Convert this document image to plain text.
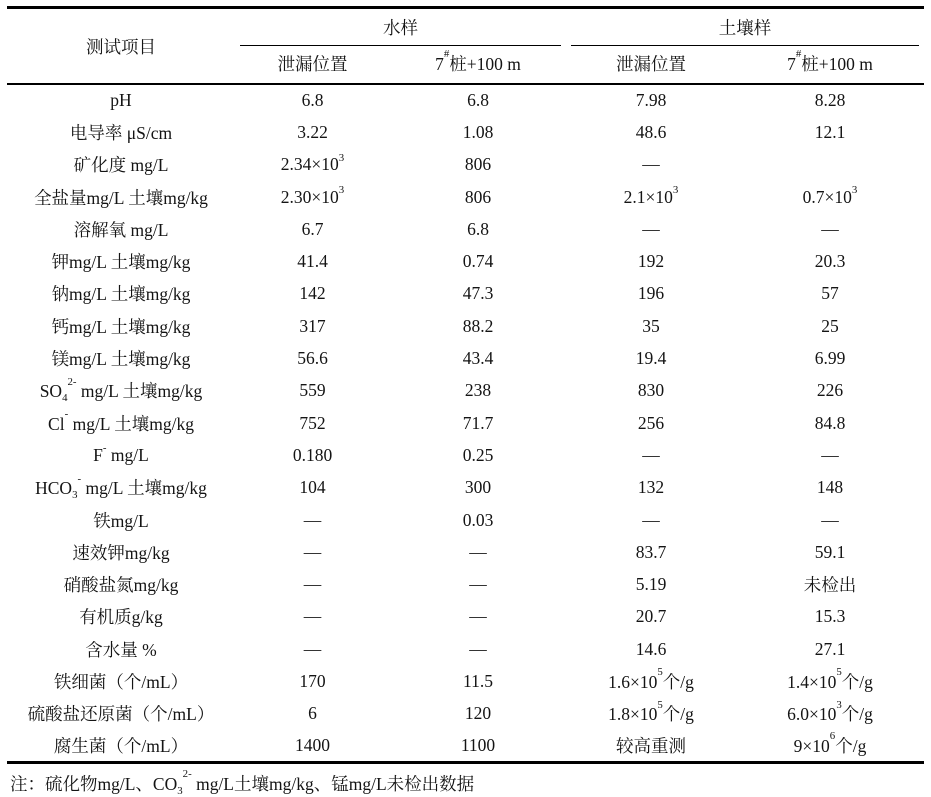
测试项目	水样		土壤样	

	泄漏位置	7#桩+100 m	泄漏位置	7#桩+100 m
pH	6.8	6.8	7.98	8.28
电导率 μS/cm	3.22	1.08	48.6	12.1
矿化度 mg/L	$2.34\times 10^3$	806	—	
全盐量mg/L 土壤mg/kg	$2.30\times 10^3$	806	$2.1\times 10^3$	$0.7\times 10^3$
溶解氧 mg/L	6.7	6.8	—	—
钾mg/L 土壤mg/kg	41.4	0.74	192	20.3
钠mg/L 土壤mg/kg	142	47.3	196	57
钙mg/L 土壤mg/kg	317	88.2	35	25
镁mg/L 土壤mg/kg	56.6	43.4	19.4	6.99
$SO_4^{2-}$ mg/L 土壤mg/kg	559	238	830	226
Cl- mg/L 土壤mg/kg	752	71.7	256	84.8
F- mg/L	0.180	0.25	—	—
$HCO_3^-$ mg/L 土壤mg/kg	104	300	132	148
铁mg/L	—	0.03	—	—
速效钾mg/kg	—	—	83.7	59.1
硝酸盐氮mg/kg	—	—	5.19	未检出
有机质g/kg	—	—	20.7	15.3
含水量 %	—	—	14.6	27.1
铁细菌（个/mL）	170	11.5	$1.6\times 10^5$个/g	$1.4\times 10^5$个/g
硫酸盐还原菌（个/mL）	6	120	$1.8\times 10^5$个/g	$6.0\times 10^3$个/g
腐生菌（个/mL）	1400	1100	较高重测	$9\times 10^6$个/g
注：硫化物mg/L、$CO_3^{2-}$ mg/L土壤mg/kg、锰mg/L未检出数据
